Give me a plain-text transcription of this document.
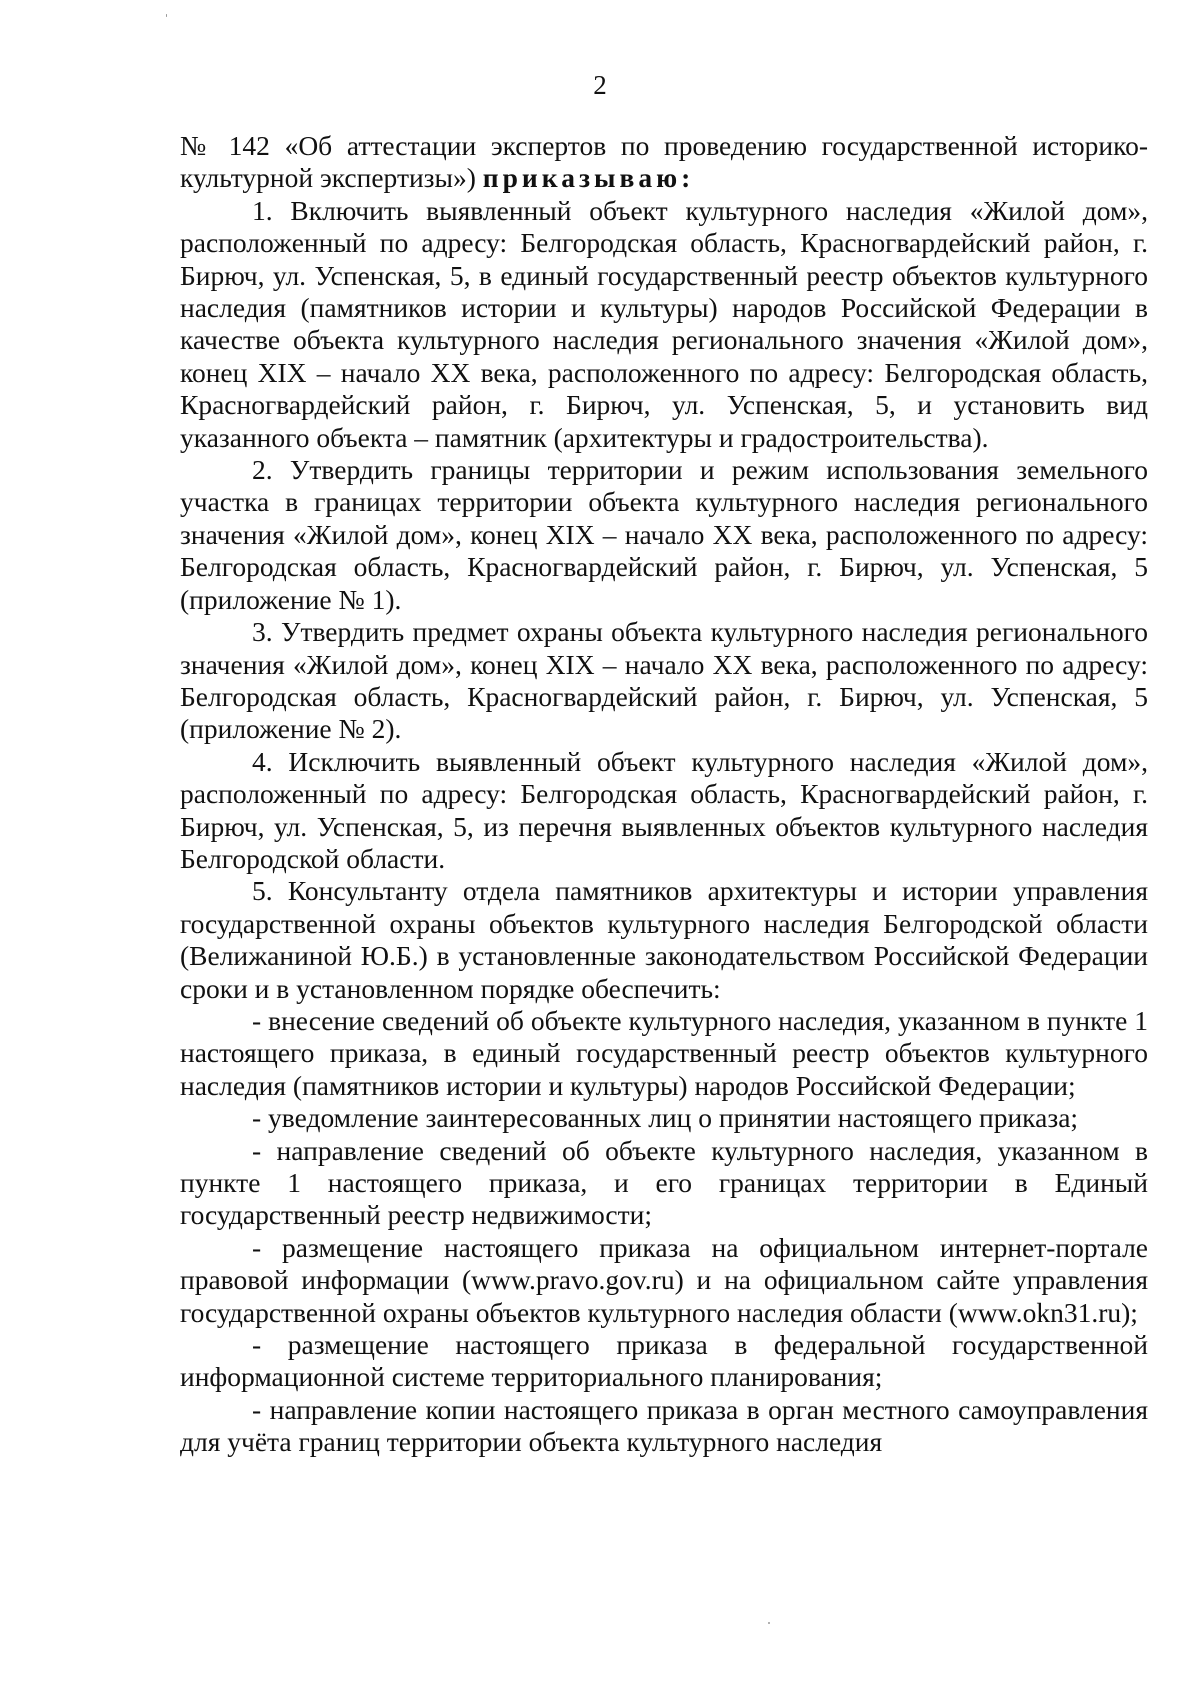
2

№ 142 «Об аттестации экспертов по проведению государственной историко-культурной экспертизы») приказываю:

1. Включить выявленный объект культурного наследия «Жилой дом», расположенный по адресу: Белгородская область, Красногвардейский район, г. Бирюч, ул. Успенская, 5, в единый государственный реестр объектов культурного наследия (памятников истории и культуры) народов Российской Федерации в качестве объекта культурного наследия регионального значения «Жилой дом», конец XIX – начало XX века, расположенного по адресу: Белгородская область, Красногвардейский район, г. Бирюч, ул. Успенская, 5, и установить вид указанного объекта – памятник (архитектуры и градостроительства).

2. Утвердить границы территории и режим использования земельного участка в границах территории объекта культурного наследия регионального значения «Жилой дом», конец XIX – начало XX века, расположенного по адресу: Белгородская область, Красногвардейский район, г. Бирюч, ул. Успенская, 5 (приложение № 1).

3. Утвердить предмет охраны объекта культурного наследия регионального значения «Жилой дом», конец XIX – начало XX века, расположенного по адресу: Белгородская область, Красногвардейский район, г. Бирюч, ул. Успенская, 5 (приложение № 2).

4. Исключить выявленный объект культурного наследия «Жилой дом», расположенный по адресу: Белгородская область, Красногвардейский район, г. Бирюч, ул. Успенская, 5, из перечня выявленных объектов культурного наследия Белгородской области.

5. Консультанту отдела памятников архитектуры и истории управления государственной охраны объектов культурного наследия Белгородской области (Велижаниной Ю.Б.) в установленные законодательством Российской Федерации сроки и в установленном порядке обеспечить:

- внесение сведений об объекте культурного наследия, указанном в пункте 1 настоящего приказа, в единый государственный реестр объектов культурного наследия (памятников истории и культуры) народов Российской Федерации;

- уведомление заинтересованных лиц о принятии настоящего приказа;

- направление сведений об объекте культурного наследия, указанном в пункте 1 настоящего приказа, и его границах территории в Единый государственный реестр недвижимости;

- размещение настоящего приказа на официальном интернет-портале правовой информации (www.pravo.gov.ru) и на официальном сайте управления государственной охраны объектов культурного наследия области (www.okn31.ru);

- размещение настоящего приказа в федеральной государственной информационной системе территориального планирования;

- направление копии настоящего приказа в орган местного самоуправления для учёта границ территории объекта культурного наследия
